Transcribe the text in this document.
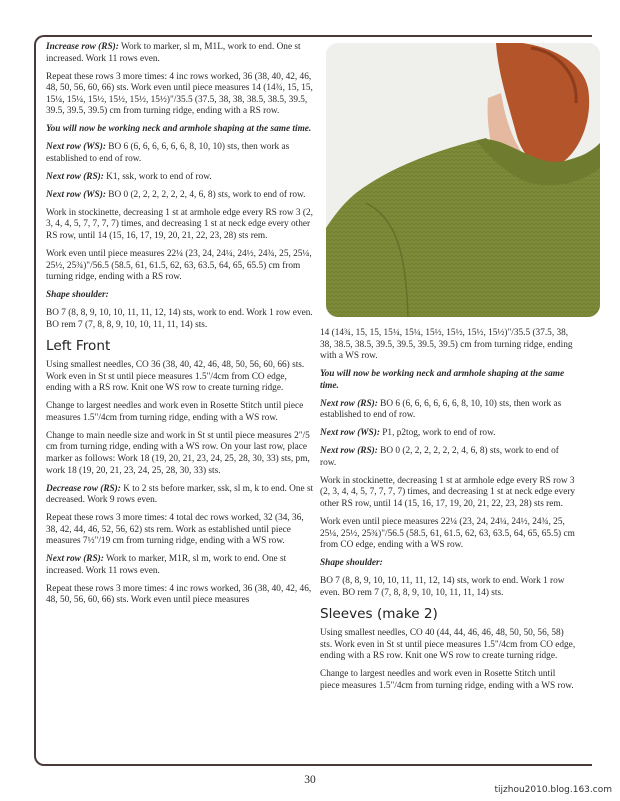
Increase row (RS): Work to marker, sl m, M1L, work to end. One st increased. Work 11 rows even.

Repeat these rows 3 more times: 4 inc rows worked, 36 (38, 40, 42, 46, 48, 50, 56, 60, 66) sts. Work even until piece measures 14 (14¾, 15, 15, 15¼, 15¼, 15½, 15½, 15½, 15½)"/35.5 (37.5, 38, 38, 38.5, 38.5, 39.5, 39.5, 39.5, 39.5) cm from turning ridge, ending with a RS row.

You will now be working neck and armhole shaping at the same time.

Next row (WS): BO 6 (6, 6, 6, 6, 6, 6, 8, 10, 10) sts, then work as established to end of row.

Next row (RS): K1, ssk, work to end of row.

Next row (WS): BO 0 (2, 2, 2, 2, 2, 2, 4, 6, 8) sts, work to end of row.

Work in stockinette, decreasing 1 st at armhole edge every RS row 3 (2, 3, 4, 4, 5, 7, 7, 7, 7) times, and decreasing 1 st at neck edge every other RS row, until 14 (15, 16, 17, 19, 20, 21, 22, 23, 28) sts rem.

Work even until piece measures 22¼ (23, 24, 24¼, 24½, 24¾, 25, 25¼, 25½, 25¾)"/56.5 (58.5, 61, 61.5, 62, 63, 63.5, 64, 65, 65.5) cm from turning ridge, ending with a RS row.

Shape shoulder:

BO 7 (8, 8, 9, 10, 10, 11, 11, 12, 14) sts, work to end. Work 1 row even. BO rem 7 (7, 8, 8, 9, 10, 10, 11, 11, 14) sts.

Left Front

Using smallest needles, CO 36 (38, 40, 42, 46, 48, 50, 56, 60, 66) sts. Work even in St st until piece measures 1.5"/4cm from CO edge, ending with a RS row. Knit one WS row to create turning ridge.

Change to largest needles and work even in Rosette Stitch until piece measures 1.5"/4cm from turning ridge, ending with a WS row.

Change to main needle size and work in St st until piece measures 2"/5 cm from turning ridge, ending with a WS row. On your last row, place marker as follows: Work 18 (19, 20, 21, 23, 24, 25, 28, 30, 33) sts, pm, work 18 (19, 20, 21, 23, 24, 25, 28, 30, 33) sts.

Decrease row (RS): K to 2 sts before marker, ssk, sl m, k to end. One st decreased. Work 9 rows even.

Repeat these rows 3 more times: 4 total dec rows worked, 32 (34, 36, 38, 42, 44, 46, 52, 56, 62) sts rem. Work as established until piece measures 7½"/19 cm from turning ridge, ending with a WS row.

Next row (RS): Work to marker, M1R, sl m, work to end. One st increased. Work 11 rows even.

Repeat these rows 3 more times: 4 inc rows worked, 36 (38, 40, 42, 46, 48, 50, 56, 60, 66) sts. Work even until piece measures

14 (14¾, 15, 15, 15¼, 15¼, 15½, 15½, 15½, 15½)"/35.5 (37.5, 38, 38, 38.5, 38.5, 39.5, 39.5, 39.5, 39.5) cm from turning ridge, ending with a WS row.

You will now be working neck and armhole shaping at the same time.

Next row (RS): BO 6 (6, 6, 6, 6, 6, 6, 8, 10, 10) sts, then work as established to end of row.

Next row (WS): P1, p2tog, work to end of row.

Next row (RS): BO 0 (2, 2, 2, 2, 2, 2, 4, 6, 8) sts, work to end of row.

Work in stockinette, decreasing 1 st at armhole edge every RS row 3 (2, 3, 4, 4, 5, 7, 7, 7, 7) times, and decreasing 1 st at neck edge every other RS row, until 14 (15, 16, 17, 19, 20, 21, 22, 23, 28) sts rem.

Work even until piece measures 22¼ (23, 24, 24¼, 24½, 24¾, 25, 25¼, 25½, 25¾)"/56.5 (58.5, 61, 61.5, 62, 63, 63.5, 64, 65, 65.5) cm from CO edge, ending with a WS row.

Shape shoulder:

BO 7 (8, 8, 9, 10, 10, 11, 11, 12, 14) sts, work to end. Work 1 row even. BO rem 7 (7, 8, 8, 9, 10, 10, 11, 11, 14) sts.

Sleeves (make 2)

Using smallest needles, CO 40 (44, 44, 46, 46, 48, 50, 50, 56, 58) sts. Work even in St st until piece measures 1.5"/4cm from CO edge, ending with a RS row. Knit one WS row to create turning ridge.

Change to largest needles and work even in Rosette Stitch until piece measures 1.5"/4cm from turning ridge, ending with a WS row.

30
tijzhou2010.blog.163.com
